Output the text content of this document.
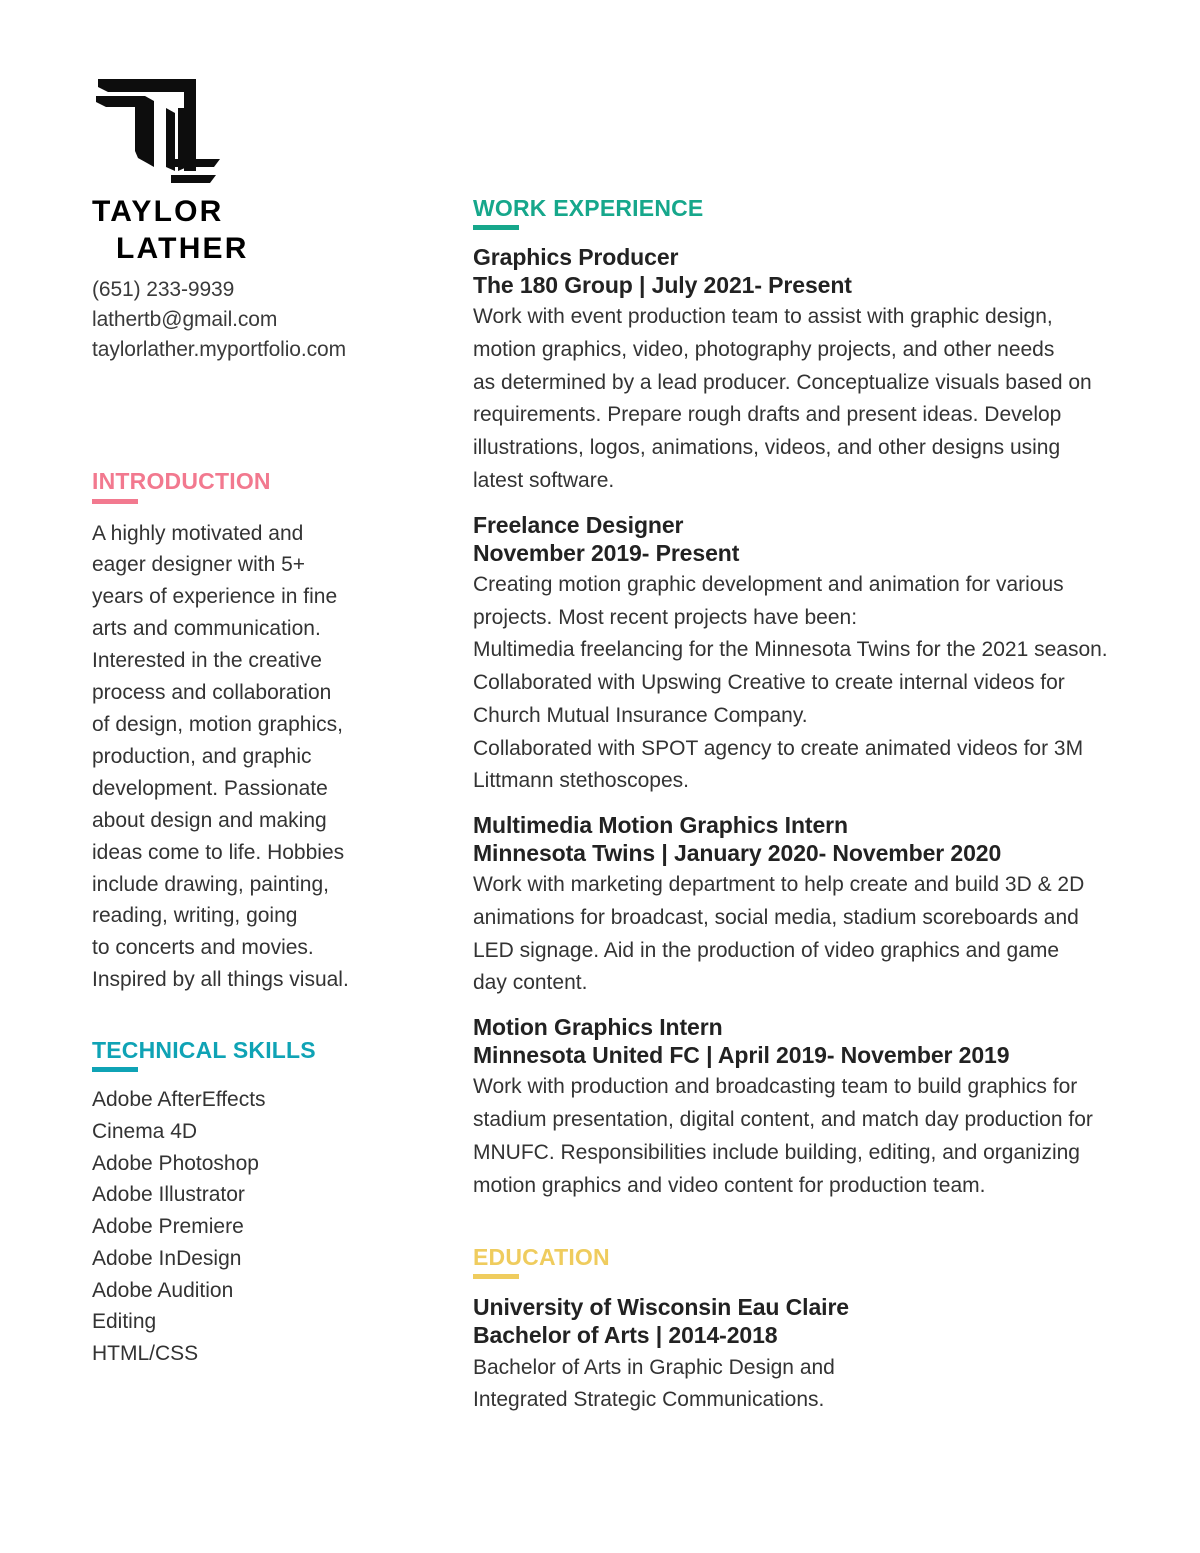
TAYLOR
LATHER
(651) 233-9939
lathertb@gmail.com
taylorlather.myportfolio.com
INTRODUCTION
A highly motivated and
eager designer with 5+
years of experience in fine
arts and communication.
Interested in the creative
process and collaboration
of design, motion graphics,
production, and graphic
development. Passionate
about design and making
ideas come to life. Hobbies
include drawing, painting,
reading, writing, going
to concerts and movies.
Inspired by all things visual.
TECHNICAL SKILLS
Adobe AfterEffects
Cinema 4D
Adobe Photoshop
Adobe Illustrator
Adobe Premiere
Adobe InDesign
Adobe Audition
Editing
HTML/CSS
WORK EXPERIENCE
Graphics Producer
The 180 Group | July 2021- Present
Work with event production team to assist with graphic design,
motion graphics, video, photography projects, and other needs
as determined by a lead producer. Conceptualize visuals based on
requirements. Prepare rough drafts and present ideas. Develop
illustrations, logos, animations, videos, and other designs using
latest software.
Freelance Designer
November 2019- Present
Creating motion graphic development and animation for various
projects. Most recent projects have been:
Multimedia freelancing for the Minnesota Twins for the 2021 season.
Collaborated with Upswing Creative to create internal videos for
Church Mutual Insurance Company.
Collaborated with SPOT agency to create animated videos for 3M
Littmann stethoscopes.
Multimedia Motion Graphics Intern
Minnesota Twins | January 2020- November 2020
Work with marketing department to help create and build 3D & 2D
animations for broadcast, social media, stadium scoreboards and
LED signage. Aid in the production of video graphics and game
day content.
Motion Graphics Intern
Minnesota United FC | April 2019- November 2019
Work with production and broadcasting team to build graphics for
stadium presentation, digital content, and match day production for
MNUFC. Responsibilities include building, editing, and organizing
motion graphics and video content for production team.
EDUCATION
University of Wisconsin Eau Claire
Bachelor of Arts | 2014-2018
Bachelor of Arts in Graphic Design and
Integrated Strategic Communications.
